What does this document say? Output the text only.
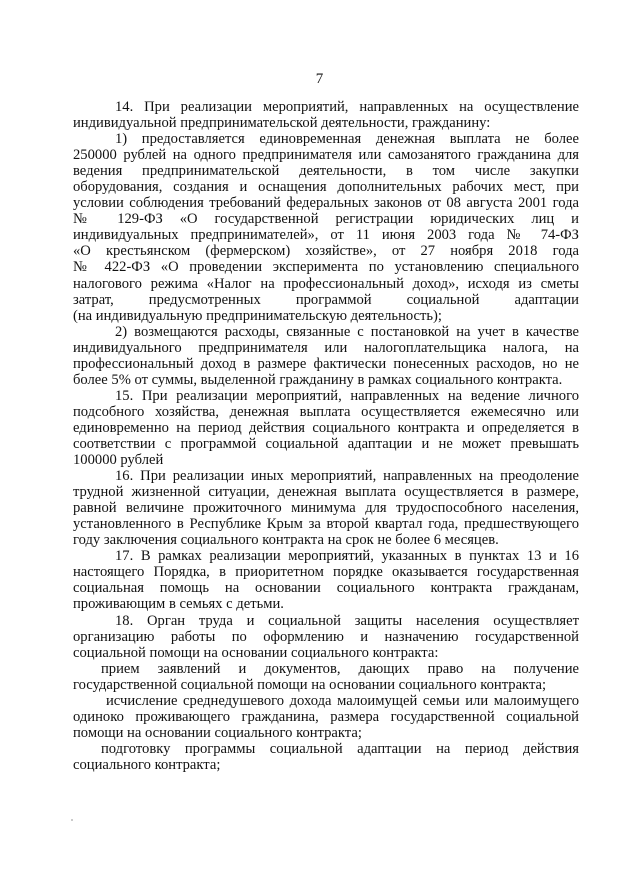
7
14. При реализации мероприятий, направленных на осуществление
индивидуальной предпринимательской деятельности, гражданину:
1) предоставляется единовременная денежная выплата не более
250000 рублей на одного предпринимателя или самозанятого гражданина для
ведения предпринимательской деятельности, в том числе закупки
оборудования, создания и оснащения дополнительных рабочих мест, при
условии соблюдения требований федеральных законов от 08 августа 2001 года
№ 129-ФЗ «О государственной регистрации юридических лиц и
индивидуальных предпринимателей», от 11 июня 2003 года № 74-ФЗ
«О крестьянском (фермерском) хозяйстве», от 27 ноября 2018 года
№ 422-ФЗ «О проведении эксперимента по установлению специального
налогового режима «Налог на профессиональный доход», исходя из сметы
затрат, предусмотренных программой социальной адаптации
(на индивидуальную предпринимательскую деятельность);
2) возмещаются расходы, связанные с постановкой на учет в качестве
индивидуального предпринимателя или налогоплательщика налога, на
профессиональный доход в размере фактически понесенных расходов, но не
более 5% от суммы, выделенной гражданину в рамках социального контракта.
15. При реализации мероприятий, направленных на ведение личного
подсобного хозяйства, денежная выплата осуществляется ежемесячно или
единовременно на период действия социального контракта и определяется в
соответствии с программой социальной адаптации и не может превышать
100000 рублей
16. При реализации иных мероприятий, направленных на преодоление
трудной жизненной ситуации, денежная выплата осуществляется в размере,
равной величине прожиточного минимума для трудоспособного населения,
установленного в Республике Крым за второй квартал года, предшествующего
году заключения социального контракта на срок не более 6 месяцев.
17. В рамках реализации мероприятий, указанных в пунктах 13 и 16
настоящего Порядка, в приоритетном порядке оказывается государственная
социальная помощь на основании социального контракта гражданам,
проживающим в семьях с детьми.
18. Орган труда и социальной защиты населения осуществляет
организацию работы по оформлению и назначению государственной
социальной помощи на основании социального контракта:
прием заявлений и документов, дающих право на получение
государственной социальной помощи на основании социального контракта;
исчисление среднедушевого дохода малоимущей семьи или малоимущего
одиноко проживающего гражданина, размера государственной социальной
помощи на основании социального контракта;
подготовку программы социальной адаптации на период действия
социального контракта;
